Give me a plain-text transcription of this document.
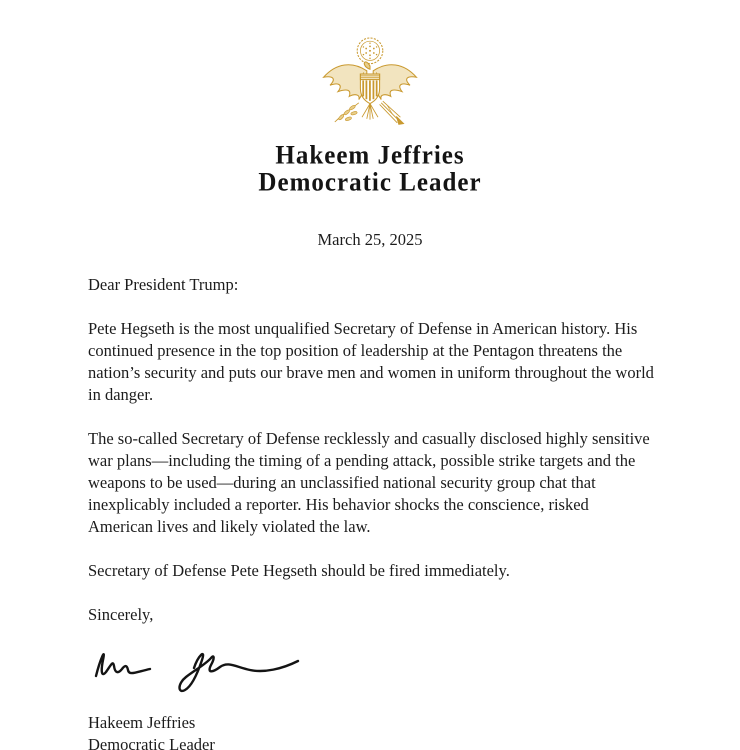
Hakeem Jeffries
Democratic Leader
March 25, 2025
Dear President Trump:

Pete Hegseth is the most unqualified Secretary of Defense in American history. His continued presence in the top position of leadership at the Pentagon threatens the nation’s security and puts our brave men and women in uniform throughout the world in danger.

The so-called Secretary of Defense recklessly and casually disclosed highly sensitive war plans—including the timing of a pending attack, possible strike targets and the weapons to be used—during an unclassified national security group chat that inexplicably included a reporter. His behavior shocks the conscience, risked American lives and likely violated the law.

Secretary of Defense Pete Hegseth should be fired immediately.

Sincerely,
Hakeem Jeffries
Democratic Leader
